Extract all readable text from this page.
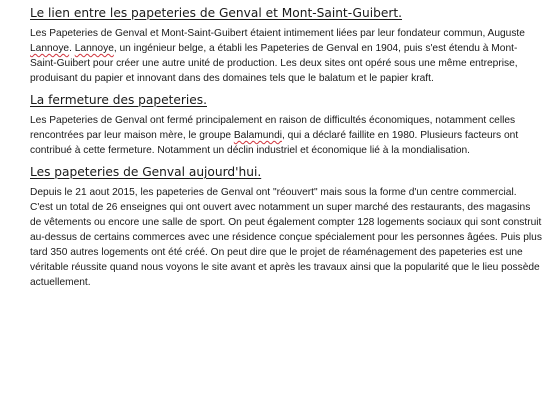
Le lien entre les papeteries de Genval et Mont-Saint-Guibert.

Les Papeteries de Genval et Mont-Saint-Guibert étaient intimement liées par leur fondateur commun, Auguste Lannoye. Lannoye, un ingénieur belge, a établi les Papeteries de Genval en 1904, puis s'est étendu à Mont-Saint-Guibert pour créer une autre unité de production. Les deux sites ont opéré sous une même entreprise, produisant du papier et innovant dans des domaines tels que le balatum et le papier kraft.

La fermeture des papeteries.

Les Papeteries de Genval ont fermé principalement en raison de difficultés économiques, notamment celles rencontrées par leur maison mère, le groupe Balamundi, qui a déclaré faillite en 1980. Plusieurs facteurs ont contribué à cette fermeture. Notamment un déclin industriel et économique lié à la mondialisation.

Les papeteries de Genval aujourd'hui.

Depuis le 21 aout 2015, les papeteries de Genval ont "réouvert" mais sous la forme d'un centre commercial. C'est un total de 26 enseignes qui ont ouvert avec notamment un super marché des restaurants, des magasins de vêtements ou encore une salle de sport. On peut également compter 128 logements sociaux qui sont construit au-dessus de certains commerces avec une résidence conçue spécialement pour les personnes âgées. Puis plus tard 350 autres logements ont été créé. On peut dire que le projet de réaménagement des papeteries est une véritable réussite quand nous voyons le site avant et après les travaux ainsi que la popularité que le lieu possède actuellement.
